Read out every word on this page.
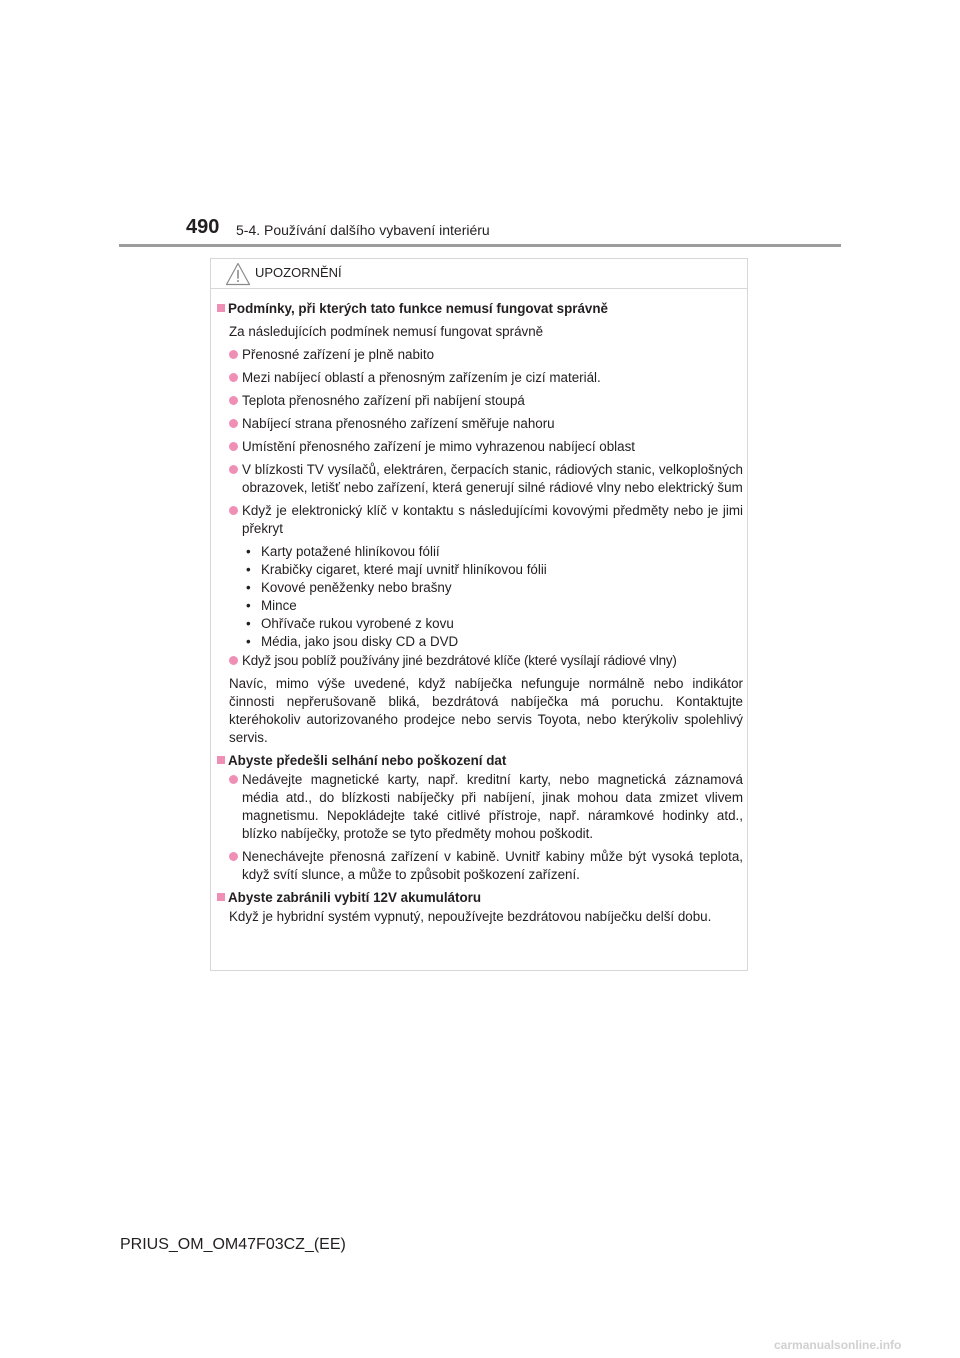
490 5-4. Používání dalšího vybavení interiéru
UPOZORNĚNÍ
Podmínky, při kterých tato funkce nemusí fungovat správně
Za následujících podmínek nemusí fungovat správně
Přenosné zařízení je plně nabito
Mezi nabíjecí oblastí a přenosným zařízením je cizí materiál.
Teplota přenosného zařízení při nabíjení stoupá
Nabíjecí strana přenosného zařízení směřuje nahoru
Umístění přenosného zařízení je mimo vyhrazenou nabíjecí oblast
V blízkosti TV vysílačů, elektráren, čerpacích stanic, rádiových stanic, velkoplošných obrazovek, letišť nebo zařízení, která generují silné rádiové vlny nebo elektrický šum
Když je elektronický klíč v kontaktu s následujícími kovovými předměty nebo je jimi překryt
• Karty potažené hliníkovou fólií
• Krabičky cigaret, které mají uvnitř hliníkovou fólii
• Kovové peněženky nebo brašny
• Mince
• Ohřívače rukou vyrobené z kovu
• Média, jako jsou disky CD a DVD
Když jsou poblíž používány jiné bezdrátové klíče (které vysílají rádiové vlny)
Navíc, mimo výše uvedené, když nabíječka nefunguje normálně nebo indikátor činnosti nepřerušovaně bliká, bezdrátová nabíječka má poruchu. Kontaktujte kteréhokoliv autorizovaného prodejce nebo servis Toyota, nebo kterýkoliv spolehlivý servis.
Abyste předešli selhání nebo poškození dat
Nedávejte magnetické karty, např. kreditní karty, nebo magnetická záznamová média atd., do blízkosti nabíječky při nabíjení, jinak mohou data zmizet vlivem magnetismu. Nepokládejte také citlivé přístroje, např. náramkové hodinky atd., blízko nabíječky, protože se tyto předměty mohou poškodit.
Nenechávejte přenosná zařízení v kabině. Uvnitř kabiny může být vysoká teplota, když svítí slunce, a může to způsobit poškození zařízení.
Abyste zabránili vybití 12V akumulátoru
Když je hybridní systém vypnutý, nepoužívejte bezdrátovou nabíječku delší dobu.
PRIUS_OM_OM47F03CZ_(EE)
carmanualsonline.info
